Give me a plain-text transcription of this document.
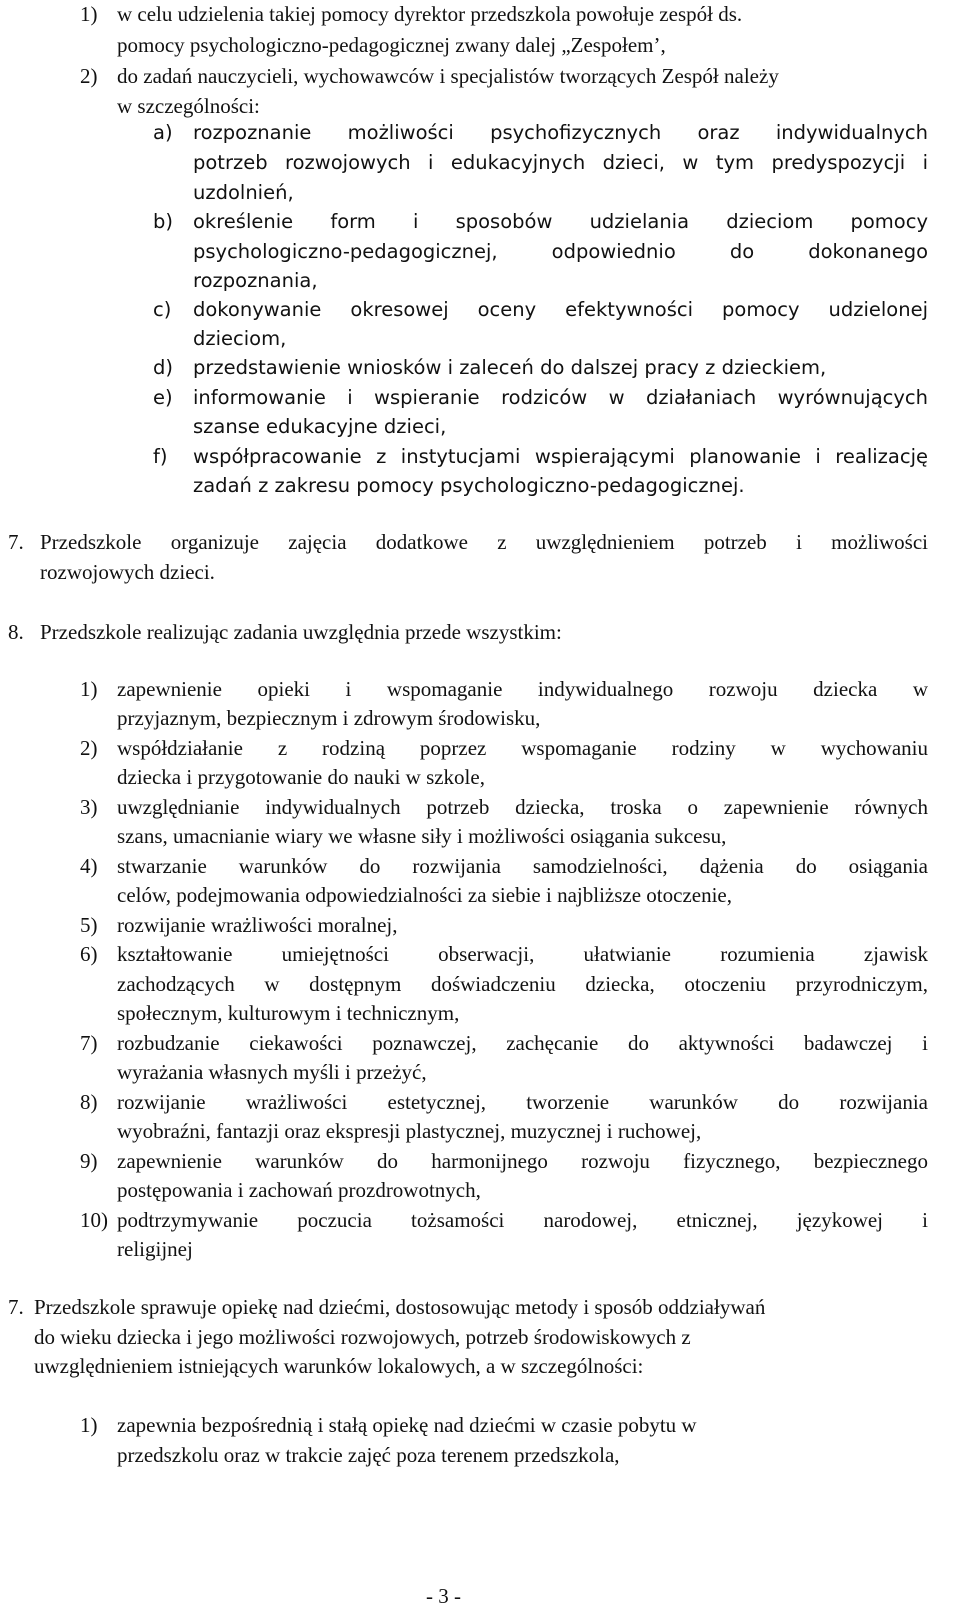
1) w celu udzielenia takiej pomocy dyrektor przedszkola powołuje zespół ds.
pomocy psychologiczno-pedagogicznej zwany dalej „Zespołem’,
2) do zadań nauczycieli, wychowawców i specjalistów tworzących Zespół należy
w szczególności:
a) rozpoznanie możliwości psychofizycznych oraz indywidualnych
potrzeb rozwojowych i edukacyjnych dzieci, w tym predyspozycji i
uzdolnień,
b) określenie form i sposobów udzielania dzieciom pomocy
psychologiczno-pedagogicznej, odpowiednio do dokonanego
rozpoznania,
c) dokonywanie okresowej oceny efektywności pomocy udzielonej
dzieciom,
d) przedstawienie wniosków i zaleceń do dalszej pracy z dzieckiem,
e) informowanie i wspieranie rodziców w działaniach wyrównujących
szanse edukacyjne dzieci,
f) współpracowanie z instytucjami wspierającymi planowanie i realizację
zadań z zakresu pomocy psychologiczno-pedagogicznej.
7. Przedszkole organizuje zajęcia dodatkowe z uwzględnieniem potrzeb i możliwości
rozwojowych dzieci.
8. Przedszkole realizując zadania uwzględnia przede wszystkim:
1) zapewnienie opieki i wspomaganie indywidualnego rozwoju dziecka w
przyjaznym, bezpiecznym i zdrowym środowisku,
2) współdziałanie z rodziną poprzez wspomaganie rodziny w wychowaniu
dziecka i przygotowanie do nauki w szkole,
3) uwzględnianie indywidualnych potrzeb dziecka, troska o zapewnienie równych
szans, umacnianie wiary we własne siły i możliwości osiągania sukcesu,
4) stwarzanie warunków do rozwijania samodzielności, dążenia do osiągania
celów, podejmowania odpowiedzialności za siebie i najbliższe otoczenie,
5) rozwijanie wrażliwości moralnej,
6) kształtowanie umiejętności obserwacji, ułatwianie rozumienia zjawisk
zachodzących w dostępnym doświadczeniu dziecka, otoczeniu przyrodniczym,
społecznym, kulturowym i technicznym,
7) rozbudzanie ciekawości poznawczej, zachęcanie do aktywności badawczej i
wyrażania własnych myśli i przeżyć,
8) rozwijanie wrażliwości estetycznej, tworzenie warunków do rozwijania
wyobraźni, fantazji oraz ekspresji plastycznej, muzycznej i ruchowej,
9) zapewnienie warunków do harmonijnego rozwoju fizycznego, bezpiecznego
postępowania i zachowań prozdrowotnych,
10) podtrzymywanie poczucia tożsamości narodowej, etnicznej, językowej i
religijnej
7. Przedszkole sprawuje opiekę nad dziećmi, dostosowując metody i sposób oddziaływań
do wieku dziecka i jego możliwości rozwojowych, potrzeb środowiskowych z
uwzględnieniem istniejących warunków lokalowych, a w szczególności:
1) zapewnia bezpośrednią i stałą opiekę nad dziećmi w czasie pobytu w
przedszkolu oraz w trakcie zajęć poza terenem przedszkola,
- 3 -
